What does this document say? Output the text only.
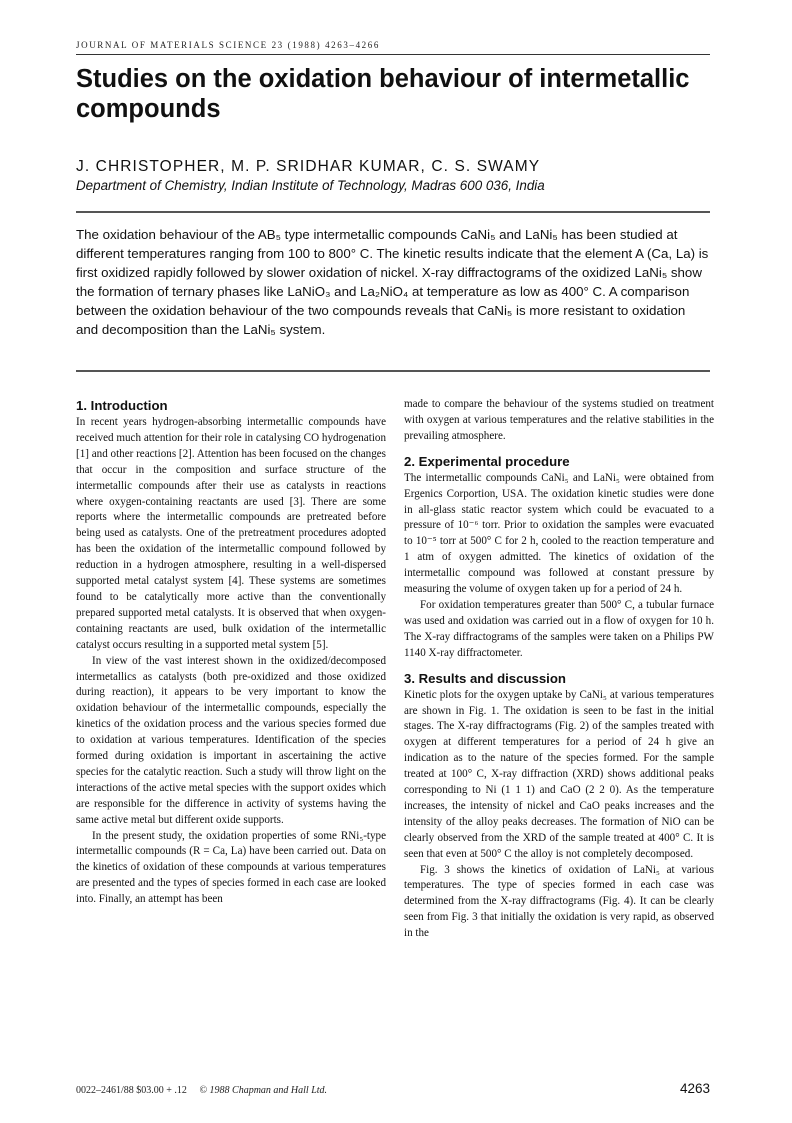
JOURNAL OF MATERIALS SCIENCE 23 (1988) 4263–4266
Studies on the oxidation behaviour of intermetallic compounds
J. CHRISTOPHER, M. P. SRIDHAR KUMAR, C. S. SWAMY
Department of Chemistry, Indian Institute of Technology, Madras 600 036, India

The oxidation behaviour of the AB₅ type intermetallic compounds CaNi₅ and LaNi₅ has been studied at different temperatures ranging from 100 to 800° C. The kinetic results indicate that the element A (Ca, La) is first oxidized rapidly followed by slower oxidation of nickel. X-ray diffractograms of the oxidized LaNi₅ show the formation of ternary phases like LaNiO₃ and La₂NiO₄ at temperature as low as 400° C. A comparison between the oxidation behaviour of the two compounds reveals that CaNi₅ is more resistant to oxidation and decomposition than the LaNi₅ system.

1. Introduction

In recent years hydrogen-absorbing intermetallic compounds have received much attention for their role in catalysing CO hydrogenation [1] and other reactions [2]. Attention has been focused on the changes that occur in the composition and surface structure of the intermetallic compounds after their use as catalysts in reactions where oxygen-containing reactants are used [3]. There are some reports where the intermetallic compounds are pretreated before being used as catalysts. One of the pretreatment procedures adopted has been the oxidation of the intermetallic compound followed by reduction in a hydrogen atmosphere, resulting in a well-dispersed supported metal catalyst system [4]. These systems are sometimes found to be catalytically more active than the conventionally prepared supported metal catalysts. It is observed that when oxygen-containing reactants are used, bulk oxidation of the intermetallic catalyst occurs resulting in a supported metal system [5].

In view of the vast interest shown in the oxidized/decomposed intermetallics as catalysts (both pre-oxidized and those oxidized during reaction), it appears to be very important to know the oxidation behaviour of the intermetallic compounds, especially the kinetics of the oxidation process and the various species formed due to oxidation at various temperatures. Identification of the species formed during oxidation is important in ascertaining the active species for the catalytic reaction. Such a study will throw light on the interactions of the active metal species with the support oxides which are responsible for the difference in activity of systems having the same active metal but different oxide supports.

In the present study, the oxidation properties of some RNi₅-type intermetallic compounds (R = Ca, La) have been carried out. Data on the kinetics of oxidation of these compounds at various temperatures are presented and the types of species formed in each case are looked into. Finally, an attempt has been

made to compare the behaviour of the systems studied on treatment with oxygen at various temperatures and the relative stabilities in the prevailing atmosphere.

2. Experimental procedure

The intermetallic compounds CaNi₅ and LaNi₅ were obtained from Ergenics Corportion, USA. The oxidation kinetic studies were done in all-glass static reactor system which could be evacuated to a pressure of 10⁻⁶ torr. Prior to oxidation the samples were evacuated to 10⁻⁵ torr at 500° C for 2 h, cooled to the reaction temperature and 1 atm of oxygen admitted. The kinetics of oxidation of the intermetallic compound was followed at constant pressure by measuring the volume of oxygen taken up for a period of 24 h.

For oxidation temperatures greater than 500° C, a tubular furnace was used and oxidation was carried out in a flow of oxygen for 10 h. The X-ray diffractograms of the samples were taken on a Philips PW 1140 X-ray diffractometer.

3. Results and discussion

Kinetic plots for the oxygen uptake by CaNi₅ at various temperatures are shown in Fig. 1. The oxidation is seen to be fast in the initial stages. The X-ray diffractograms (Fig. 2) of the samples treated with oxygen at different temperatures for a period of 24 h give an indication as to the nature of the species formed. For the sample treated at 100° C, X-ray diffraction (XRD) shows additional peaks corresponding to Ni (1 1 1) and CaO (2 2 0). As the temperature increases, the intensity of nickel and CaO peaks increases and the intensity of the alloy peaks decreases. The formation of NiO can be clearly observed from the XRD of the sample treated at 400° C. It is seen that even at 500° C the alloy is not completely decomposed.

Fig. 3 shows the kinetics of oxidation of LaNi₅ at various temperatures. The type of species formed in each case was determined from the X-ray diffractograms (Fig. 4). It can be clearly seen from Fig. 3 that initially the oxidation is very rapid, as observed in the

0022–2461/88 $03.00 + .12 © 1988 Chapman and Hall Ltd.	4263
